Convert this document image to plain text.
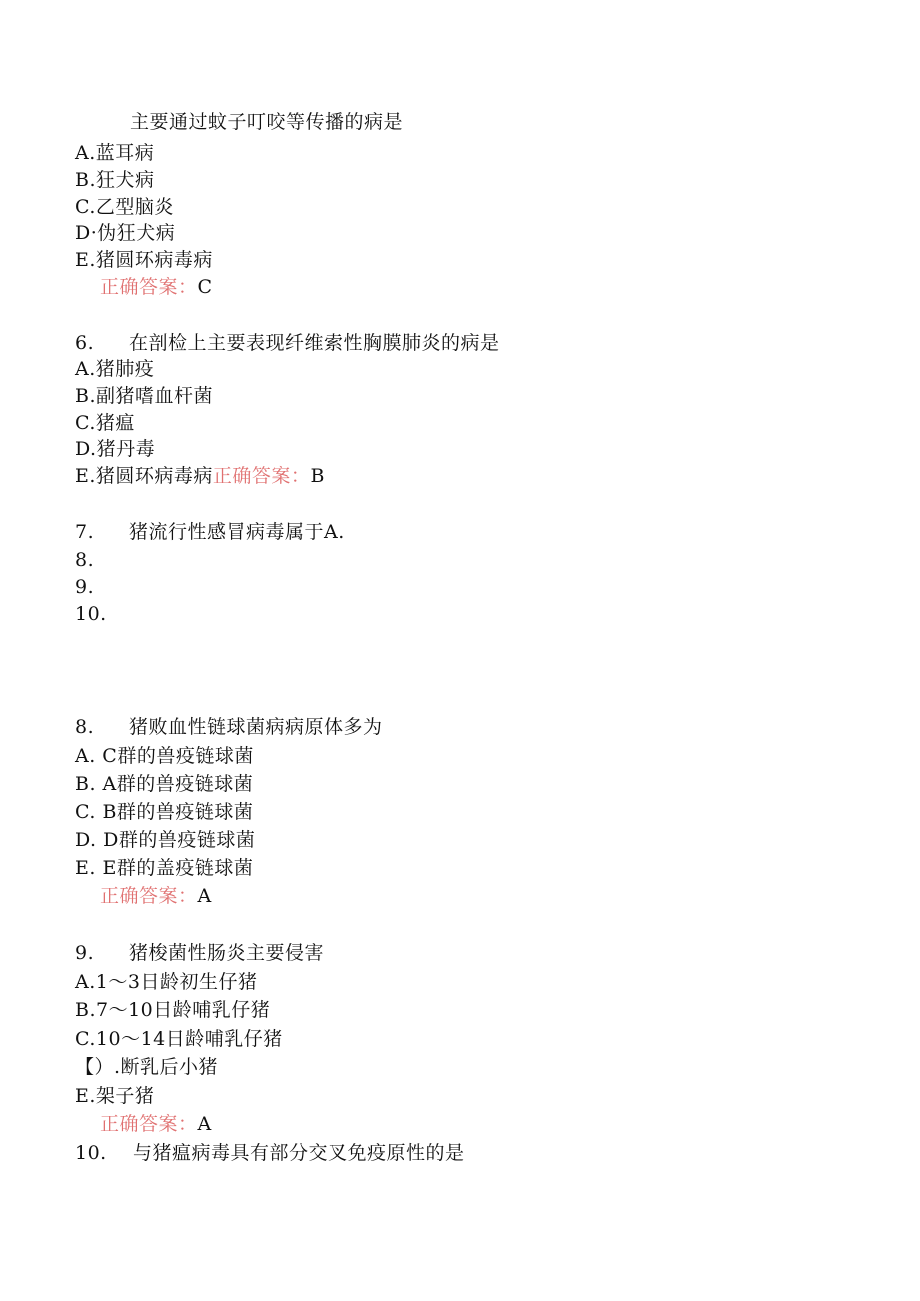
主要通过蚊子叮咬等传播的病是
A.蓝耳病
B.狂犬病
C.乙型脑炎
D·伪狂犬病
E.猪圆环病毒病
正确答案：C
6. 在剖检上主要表现纤维索性胸膜肺炎的病是
A.猪肺疫
B.副猪嗜血杆菌
C.猪瘟
D.猪丹毒
E.猪圆环病毒病正确答案：B
7. 猪流行性感冒病毒属于A.
8.
9.
10.
8. 猪败血性链球菌病病原体多为
A. C群的兽疫链球菌
B. A群的兽疫链球菌
C. B群的兽疫链球菌
D. D群的兽疫链球菌
E. E群的盖疫链球菌
正确答案：A
9. 猪梭菌性肠炎主要侵害
A.1～3日龄初生仔猪
B.7～10日龄哺乳仔猪
C.10～14日龄哺乳仔猪
【）.断乳后小猪
E.架子猪
正确答案：A
10. 与猪瘟病毒具有部分交叉免疫原性的是
